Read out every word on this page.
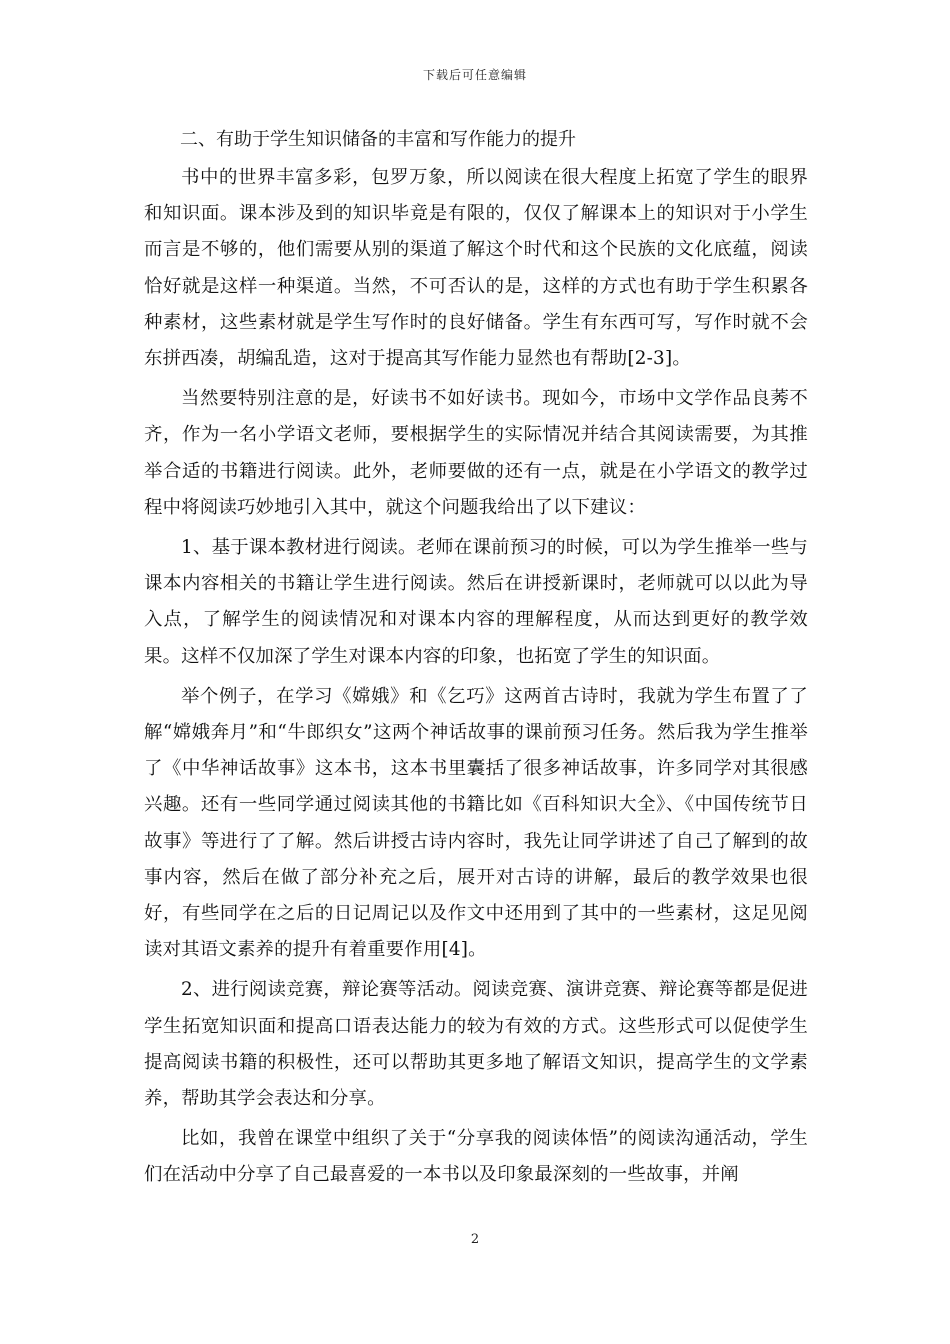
下载后可任意编辑
二、有助于学生知识储备的丰富和写作能力的提升

书中的世界丰富多彩，包罗万象，所以阅读在很大程度上拓宽了学生的眼界和知识面。课本涉及到的知识毕竟是有限的，仅仅了解课本上的知识对于小学生而言是不够的，他们需要从别的渠道了解这个时代和这个民族的文化底蕴，阅读恰好就是这样一种渠道。当然，不可否认的是，这样的方式也有助于学生积累各种素材，这些素材就是学生写作时的良好储备。学生有东西可写，写作时就不会东拼西凑，胡编乱造，这对于提高其写作能力显然也有帮助[2-3]。

当然要特别注意的是，好读书不如好读书。现如今，市场中文学作品良莠不齐，作为一名小学语文老师，要根据学生的实际情况并结合其阅读需要，为其推举合适的书籍进行阅读。此外，老师要做的还有一点，就是在小学语文的教学过程中将阅读巧妙地引入其中，就这个问题我给出了以下建议：

1、基于课本教材进行阅读。老师在课前预习的时候，可以为学生推举一些与课本内容相关的书籍让学生进行阅读。然后在讲授新课时，老师就可以以此为导入点，了解学生的阅读情况和对课本内容的理解程度，从而达到更好的教学效果。这样不仅加深了学生对课本内容的印象，也拓宽了学生的知识面。

举个例子，在学习《嫦娥》和《乞巧》这两首古诗时，我就为学生布置了了解“嫦娥奔月”和“牛郎织女”这两个神话故事的课前预习任务。然后我为学生推举了《中华神话故事》这本书，这本书里囊括了很多神话故事，许多同学对其很感兴趣。还有一些同学通过阅读其他的书籍比如《百科知识大全》、《中国传统节日故事》等进行了了解。然后讲授古诗内容时，我先让同学讲述了自己了解到的故事内容，然后在做了部分补充之后，展开对古诗的讲解，最后的教学效果也很好，有些同学在之后的日记周记以及作文中还用到了其中的一些素材，这足见阅读对其语文素养的提升有着重要作用[4]。

2、进行阅读竞赛，辩论赛等活动。阅读竞赛、演讲竞赛、辩论赛等都是促进学生拓宽知识面和提高口语表达能力的较为有效的方式。这些形式可以促使学生提高阅读书籍的积极性，还可以帮助其更多地了解语文知识，提高学生的文学素养，帮助其学会表达和分享。

比如，我曾在课堂中组织了关于“分享我的阅读体悟”的阅读沟通活动，学生们在活动中分享了自己最喜爱的一本书以及印象最深刻的一些故事，并阐

2
